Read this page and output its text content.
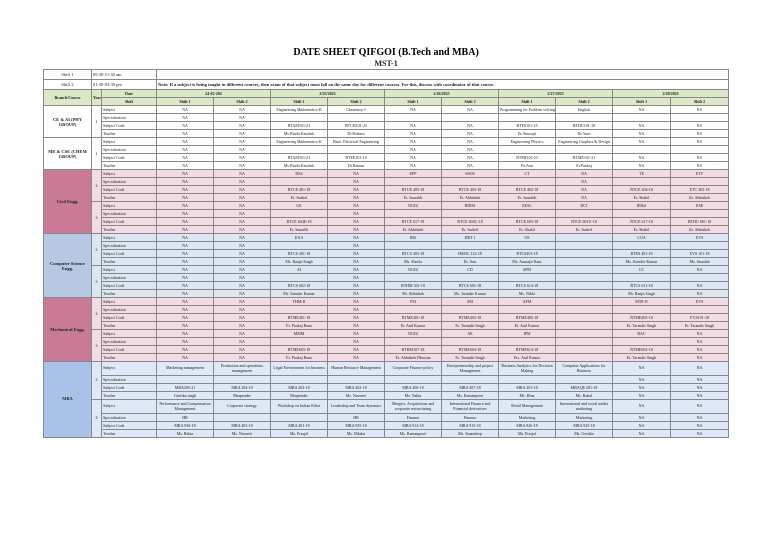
DATE SHEET QIFGOI (B.Tech and MBA)												
MST-1												
Shift 1	09:30-11:30 am											
Shift 2	01:30-03:30 pm		Note: If a subject is being taught in different courses, then exam of that subject must fall on the same day for different courses. For this, discuss with coordinator of that course.									
Branch/Course	Year	Date	24-02-202		2/25/2025		2/26/2025		2/27/2025		2/28/2025	
		Shift	Shift 1	Shift 2	Shift 1	Shift 2	Shift 1	Shift 2	Shift 1	Shift 2	Shift 1	Shift 2
CE & AI (PHY GROUP)	1	Subject	NA	NA	Engineering Mathematics-II	Chemistry-I	NA	NA	Programming for Problem solving	English	NA	NA
		Specialization	NA	NA								
		Subject Code	NA	NA	BTAM101-23	BTCH101-23	NA	NA	BTPS101-18	BTHU101-18	NA	NA
		Teacher	NA	NA	Ms.Bindu Kaushik	Dr.Reshmi	NA	NA	Er.Anusajit	Dr.Aarti	NA	NA
ME & CSE (CHEM GROUP)	1	Subject	NA	NA	Engineering Mathematics-II	Basic Electrical Engineering	NA	NA	Engineering Physics	Engineering Graphics & Design	NA	NA
		Specialization	NA	NA			NA	NA				
		Subject Code	NA	NA	BTAM101-23	BTEE101-18	NA	NA	BTPH101-23	BTME101-21	NA	NA
		Teacher	NA	NA	Ms.Bindu Kaushik	Dr.Raman	NA	NA	Dr.Anu	Er.Pankaj	NA	NA
Civil Engg.	2	Subject	NA	NA	DSS	NA	EPP	SSOS	CT	NA	TE	ETV
		Specialization	NA	NA		NA				NA		
		Subject Code	NA	NA	BTCE 401-18	NA	BTCE 405-18	BTCE 403-18	BTCE 402-18	NA	BTCE 404-18	ETC 305-18
		Teacher	NA	NA	Er. Sudeel	NA	Er. Saurabh	Er. Abhishek	Er. Saurabh	NA	Er. Shakil	Er. Abhishek
	3	Subject	NA	NA	GE	NA	NCES	BDDS	EESL	DCI	IB&S	ESE
		Specialization	NA	NA		NA						
		Subject Code	NA	NA	BTCE 604E-18	NA	BTCE 617-18	BTCE 604C-18	BTCE 603-18	BTCE 601U-18	BTCE 617-18	BTHU 601-18
		Teacher	NA	NA	Er. Saurabh	NA	Er. Abhishek	Er. Sudeel	Er. Shakil	Er. Sudeel	Er. Shakil	Er. Abhishek
Computer Science Engg.	2	Subject	NA	NA	DAA	NA	IBS	DBT 1	OS		COA	EVS
		Specialization	NA	NA		NA						
		Subject Code	NA	NA	BTCS 401-18	NA	BTCS 403-18	HSMC 122-18	BTCS403-18		BTES 401-18	EVS 101-18
		Teacher	NA	NA	Ms. Ranjit Singh	NA	Ms. Sheela	Dr. Anu	Ms. Anusajit Kaur		Ms. Jitender Kumar	Ms. Saurabh
	3	Subject	NA	NA	AI	NA	NCES	CD	SPM		CC	NA
		Specialization	NA	NA		NA						
		Subject Code	NA	NA	BTCS 602-18	NA	BTHM 301-18	BTCS 601-18	BTCS 614-18		BTCS 611-18	NA
		Teacher	NA	NA	Mr. Jitender Kumar	NA	Mr. Abhishek	Ms. Jatinder Kumar	Ms. Nikki		Mr. Ranjit Singh	NA
Mechanical Engg.	2	Subject	NA	NA	THM-II	NA	FM	SM	AFM		MTE-II	EVS
		Specialization	NA	NA		NA						
		Subject Code	NA	NA	BTME401-18	NA	BTME401-18	BTME402-18	BTME405-18		BTME405-18	EVS101-18
		Teacher	NA	NA	Er. Pankaj Rana	NA	Er. Anil Kumar	Er. Tarandir Singh	Er. Anil Kumar		Er. Tarandir Singh	Er. Tarandir Singh
	3	Subject	NA	NA	MMM	NA	NCES	AE	IPM		RAC	NA
		Specialization	NA	NA		NA						NA
		Subject Code	NA	NA	BTME603-18	NA	BTHM107-18	BTME604-18	BTME614-18		BTME602-18	NA
		Teacher	NA	NA	Er. Pankaj Rana	NA	Er. Abhishek Dhawan	Er. Tarandir Singh	Ers. Anil Kumar		Er. Tarandir Singh	NA
MBA	2	Subject	Marketing management	Production and operations management	Legal Environment for business	Human Resource Management	Corporate Finance policy	Entrepreneurship and project Management	Business Analytics for Decision Making	Computer Applications for Business	NA	NA
		Specialization									NA	NA
		Subject Code	MBA205-21	MBA 204-18	MBA 203-18	MBA 202-18	MBA 206-18	MBA 207-18	MBA 201-18	MBAQE 201-18	NA	NA
		Teacher	Geetika singh	Bhupender	Bhupender	Ms. Navneet	Ms. Nakia	Ms. Ramanpreet	Ms. Hina	Ms. Rahul	NA	NA
	4	Subject	Performance and Compensation Management	Corporate strategy	Workshop on Indian Ethos	Leadership and Team dynamics	Mergers, Acquisitions and corporate restructuring	International Finance and Financial derivatives	Retail Management	International and social media marketing	NA	NA
		Specialization	HR			HR	Finance	Finance	Marketing	Marketing	NA	NA
		Subject Code	MBA 936-18	MBA 403-18	MBA 401-18	MBA 935-18	MBA 914-18	MBA 915-18	MBA 926-18	MBA 925-18	NA	NA
		Teacher	Ms. Rabia	Ms. Navneet	Ms. Prasjal	Ms. Hiksha	Ms. Ramanpreet	Ms. Smandeep	Ms. Prasjal	Ms. Geetika	NA	NA
